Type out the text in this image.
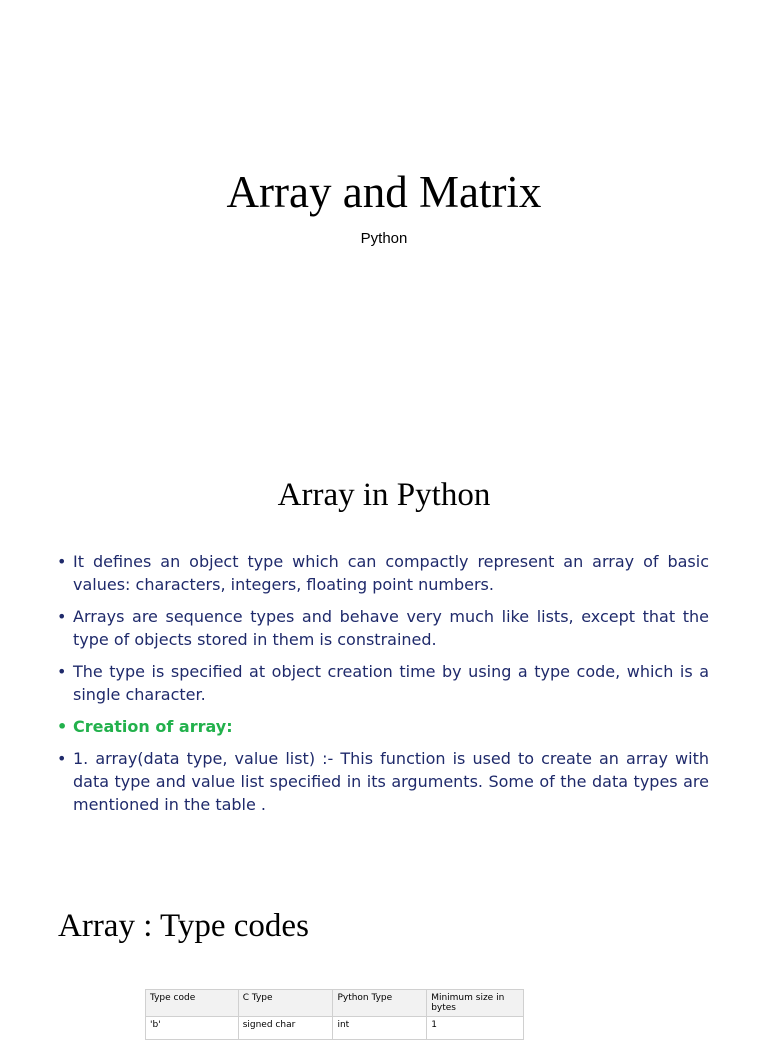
Array and Matrix
Python
Array in Python
• It defines an object type which can compactly represent an array of basic values: characters, integers, floating point numbers.
• Arrays are sequence types and behave very much like lists, except that the type of objects stored in them is constrained.
• The type is specified at object creation time by using a type code, which is a single character.
• Creation of array:
• 1. array(data type, value list) :- This function is used to create an array with data type and value list specified in its arguments. Some of the data types are mentioned in the table .
Array : Type codes
Type code	C Type	Python Type	Minimum size in bytes
'b'	signed char	int	1
